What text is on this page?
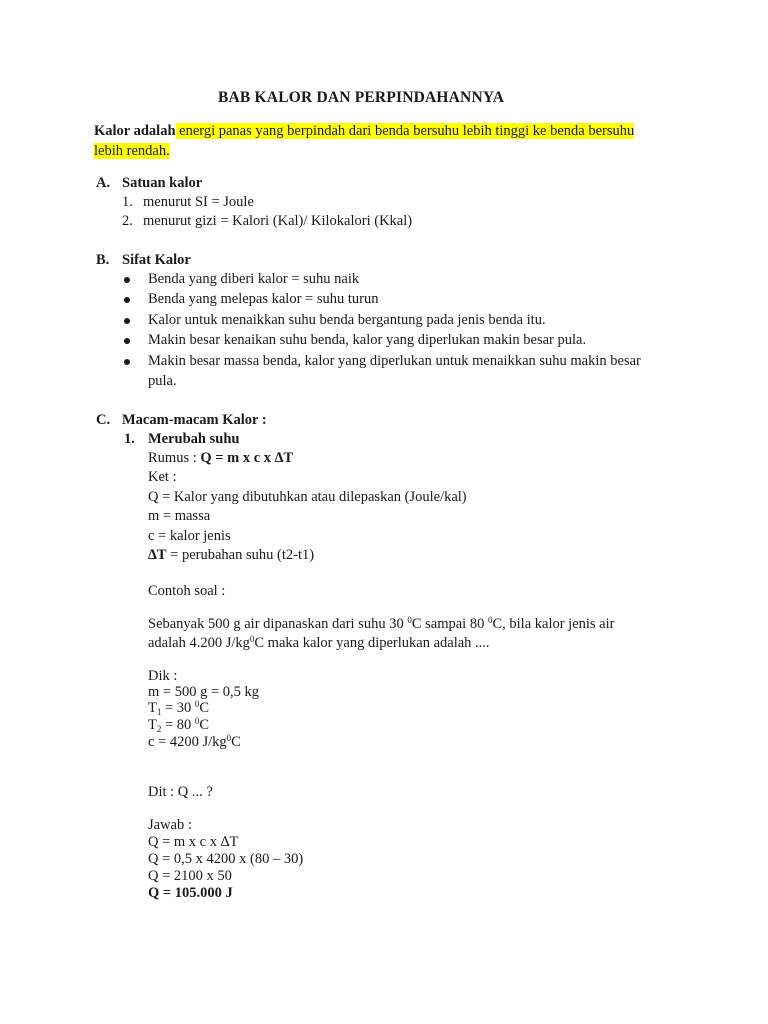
BAB KALOR DAN PERPINDAHANNYA
Kalor adalah energi panas yang berpindah dari benda bersuhu lebih tinggi ke benda bersuhu
lebih rendah.
A. Satuan kalor
1. menurut SI = Joule
2. menurut gizi = Kalori (Kal)/ Kilokalori (Kkal)
B. Sifat Kalor
Benda yang diberi kalor = suhu naik
Benda yang melepas kalor = suhu turun
Kalor untuk menaikkan suhu benda bergantung pada jenis benda itu.
Makin besar kenaikan suhu benda, kalor yang diperlukan makin besar pula.
Makin besar massa benda, kalor yang diperlukan untuk menaikkan suhu makin besar
pula.
C. Macam-macam Kalor :
1. Merubah suhu
Rumus : Q = m x c x ∆T
Ket :
Q = Kalor yang dibutuhkan atau dilepaskan (Joule/kal)
m = massa
c = kalor jenis
∆T = perubahan suhu (t2-t1)
Contoh soal :
Sebanyak 500 g air dipanaskan dari suhu 30 $^0$C sampai 80 $^0$C, bila kalor jenis air
adalah 4.200 $J/kg^0C$ maka kalor yang diperlukan adalah ....
Dik :
m = 500 g = 0,5 kg
$T_1 = 30$ $^0$C
$T_2 = 80$ $^0$C
c = 4200 $J/kg^0C$
Dit : Q ... ?
Jawab :
Q = m x c x ∆T
Q = 0,5 x 4200 x (80 – 30)
Q = 2100 x 50
Q = 105.000 J
